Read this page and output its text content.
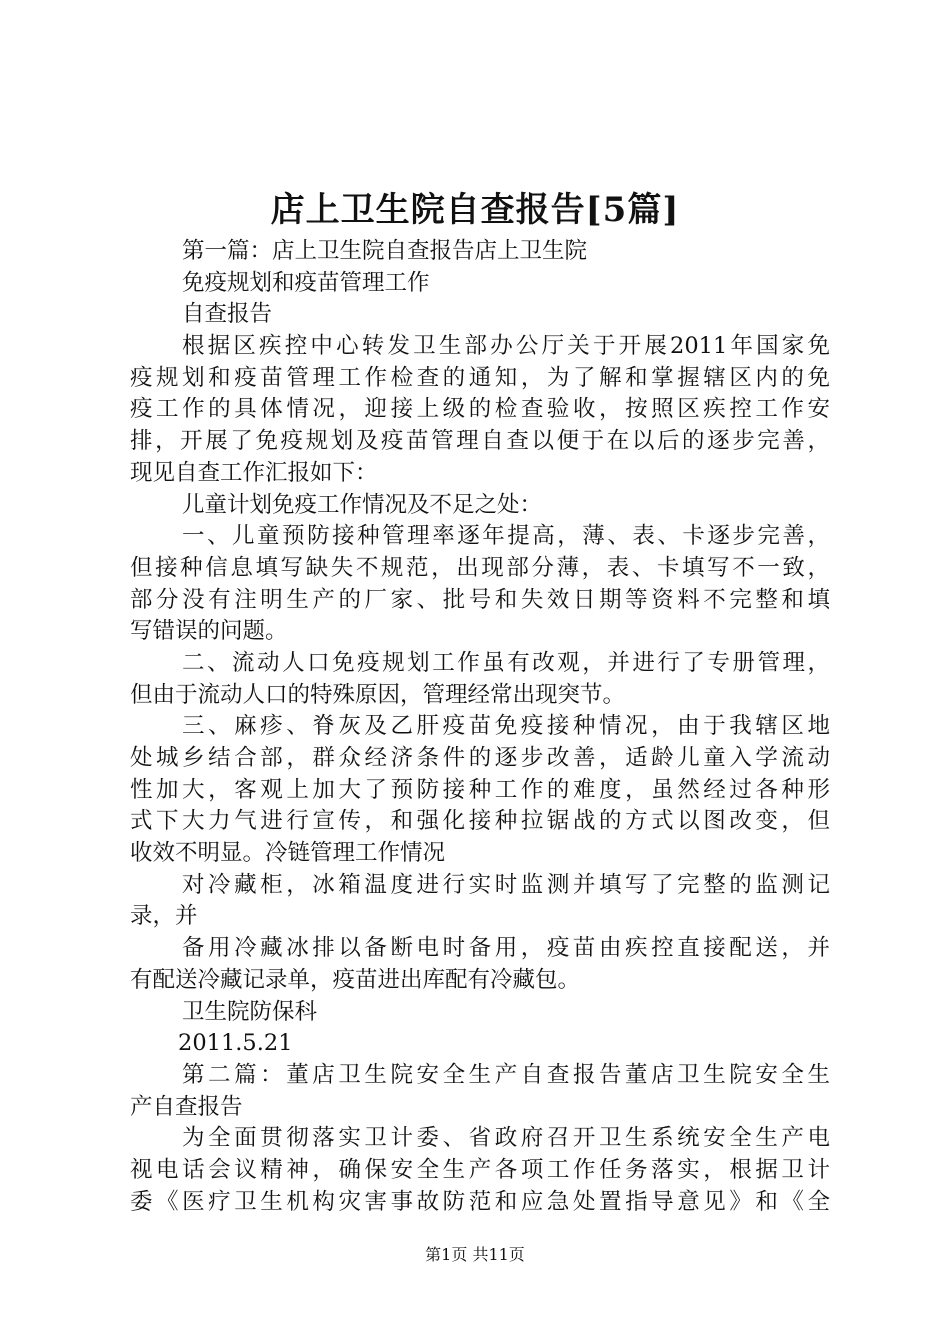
店上卫生院自查报告[5篇]
第一篇：店上卫生院自查报告店上卫生院
免疫规划和疫苗管理工作
自查报告
根据区疾控中心转发卫生部办公厅关于开展2011年国家免
疫规划和疫苗管理工作检查的通知，为了解和掌握辖区内的免
疫工作的具体情况，迎接上级的检查验收，按照区疾控工作安
排，开展了免疫规划及疫苗管理自查以便于在以后的逐步完善，
现见自查工作汇报如下：
儿童计划免疫工作情况及不足之处：
一、儿童预防接种管理率逐年提高，薄、表、卡逐步完善，
但接种信息填写缺失不规范，出现部分薄，表、卡填写不一致，
部分没有注明生产的厂家、批号和失效日期等资料不完整和填
写错误的问题。
二、流动人口免疫规划工作虽有改观，并进行了专册管理，
但由于流动人口的特殊原因，管理经常出现突节。
三、麻疹、脊灰及乙肝疫苗免疫接种情况，由于我辖区地
处城乡结合部，群众经济条件的逐步改善，适龄儿童入学流动
性加大，客观上加大了预防接种工作的难度，虽然经过各种形
式下大力气进行宣传，和强化接种拉锯战的方式以图改变，但
收效不明显。冷链管理工作情况
对冷藏柜，冰箱温度进行实时监测并填写了完整的监测记
录，并
备用冷藏冰排以备断电时备用，疫苗由疾控直接配送，并
有配送冷藏记录单，疫苗进出库配有冷藏包。
卫生院防保科
2011.5.21
第二篇：董店卫生院安全生产自查报告董店卫生院安全生
产自查报告
为全面贯彻落实卫计委、省政府召开卫生系统安全生产电
视电话会议精神，确保安全生产各项工作任务落实，根据卫计
委《医疗卫生机构灾害事故防范和应急处置指导意见》和《全
第1页 共11页
